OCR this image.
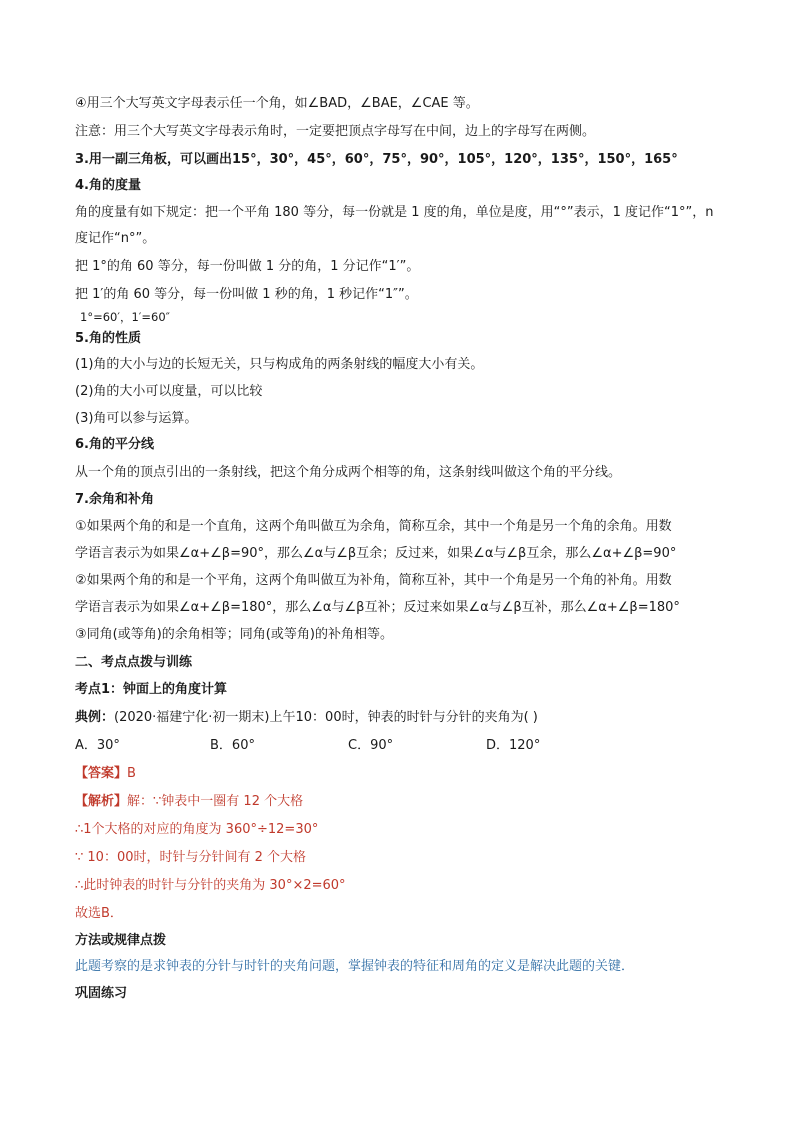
④用三个大写英文字母表示任一个角，如∠BAD，∠BAE，∠CAE 等。
注意：用三个大写英文字母表示角时，一定要把顶点字母写在中间，边上的字母写在两侧。
3.用一副三角板，可以画出15°，30°，45°，60°，75°，90°，105°，120°，135°，150°，165°
4.角的度量
角的度量有如下规定：把一个平角 180 等分，每一份就是 1 度的角，单位是度，用“°”表示，1 度记作“1°”，n
度记作“n°”。
把 1°的角 60 等分，每一份叫做 1 分的角，1 分记作“1′”。
把 1′的角 60 等分，每一份叫做 1 秒的角，1 秒记作“1″”。
1°=60′，1′=60″
5.角的性质
(1)角的大小与边的长短无关，只与构成角的两条射线的幅度大小有关。
(2)角的大小可以度量，可以比较
(3)角可以参与运算。
6.角的平分线
从一个角的顶点引出的一条射线，把这个角分成两个相等的角，这条射线叫做这个角的平分线。
7.余角和补角
①如果两个角的和是一个直角，这两个角叫做互为余角，简称互余，其中一个角是另一个角的余角。用数
学语言表示为如果∠α+∠β=90°，那么∠α与∠β互余；反过来，如果∠α与∠β互余，那么∠α+∠β=90°
②如果两个角的和是一个平角，这两个角叫做互为补角，简称互补，其中一个角是另一个角的补角。用数
学语言表示为如果∠α+∠β=180°，那么∠α与∠β互补；反过来如果∠α与∠β互补，那么∠α+∠β=180°
③同角(或等角)的余角相等；同角(或等角)的补角相等。
二、考点点拨与训练
考点1：钟面上的角度计算
典例：(2020·福建宁化·初一期末)上午10：00时，钟表的时针与分针的夹角为( )
A．30°	B．60°	C．90°	D．120°
【答案】B
【解析】解：∵钟表中一圈有 12 个大格
∴1个大格的对应的角度为 360°÷12=30°
∵ 10：00时，时针与分针间有 2 个大格
∴此时钟表的时针与分针的夹角为 30°×2=60°
故选B．
方法或规律点拨
此题考察的是求钟表的分针与时针的夹角问题，掌握钟表的特征和周角的定义是解决此题的关键．
巩固练习
